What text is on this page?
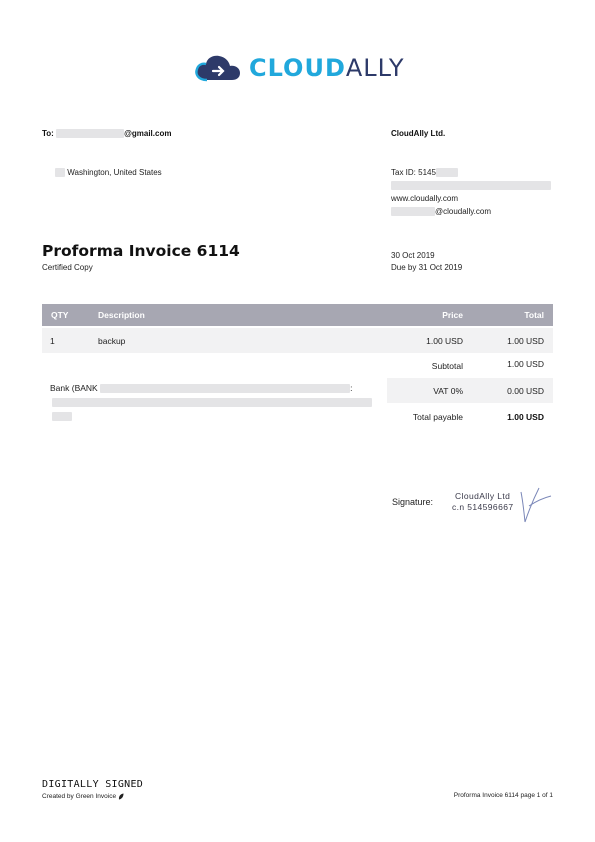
CLOUDALLY
To:	@gmail.com
Washington, United States
CloudAlly Ltd.
Tax ID: 5145
www.cloudally.com
@cloudally.com
Proforma Invoice 6114
Certified Copy
30 Oct 2019
Due by 31 Oct 2019
QTY	Description	Price	Total
1	backup	1.00 USD	1.00 USD
Subtotal	1.00 USD
VAT 0%	0.00 USD
Total payable	1.00 USD
Bank (BANK	:
Signature:
CloudAlly Ltd
c.n 514596667
DIGITALLY SIGNED
Created by Green Invoice	Proforma Invoice 6114 page 1 of 1
